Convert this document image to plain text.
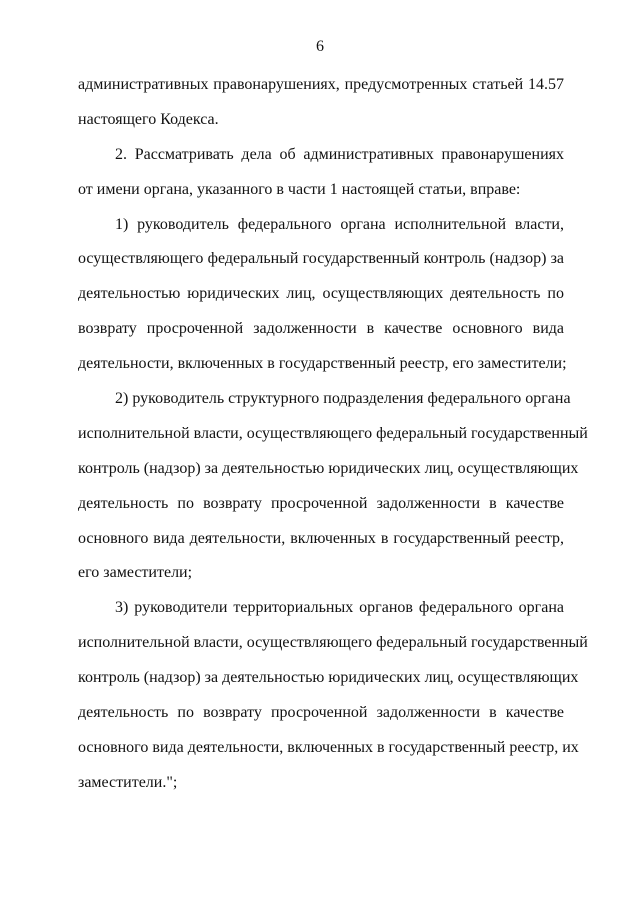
6
административных правонарушениях, предусмотренных статьей 14.57
настоящего Кодекса.
2. Рассматривать дела об административных правонарушениях
от имени органа, указанного в части 1 настоящей статьи, вправе:
1) руководитель федерального органа исполнительной власти,
осуществляющего федеральный государственный контроль (надзор) за
деятельностью юридических лиц, осуществляющих деятельность по
возврату просроченной задолженности в качестве основного вида
деятельности, включенных в государственный реестр, его заместители;
2) руководитель структурного подразделения федерального органа
исполнительной власти, осуществляющего федеральный государственный
контроль (надзор) за деятельностью юридических лиц, осуществляющих
деятельность по возврату просроченной задолженности в качестве
основного вида деятельности, включенных в государственный реестр,
его заместители;
3) руководители территориальных органов федерального органа
исполнительной власти, осуществляющего федеральный государственный
контроль (надзор) за деятельностью юридических лиц, осуществляющих
деятельность по возврату просроченной задолженности в качестве
основного вида деятельности, включенных в государственный реестр, их
заместители.";
